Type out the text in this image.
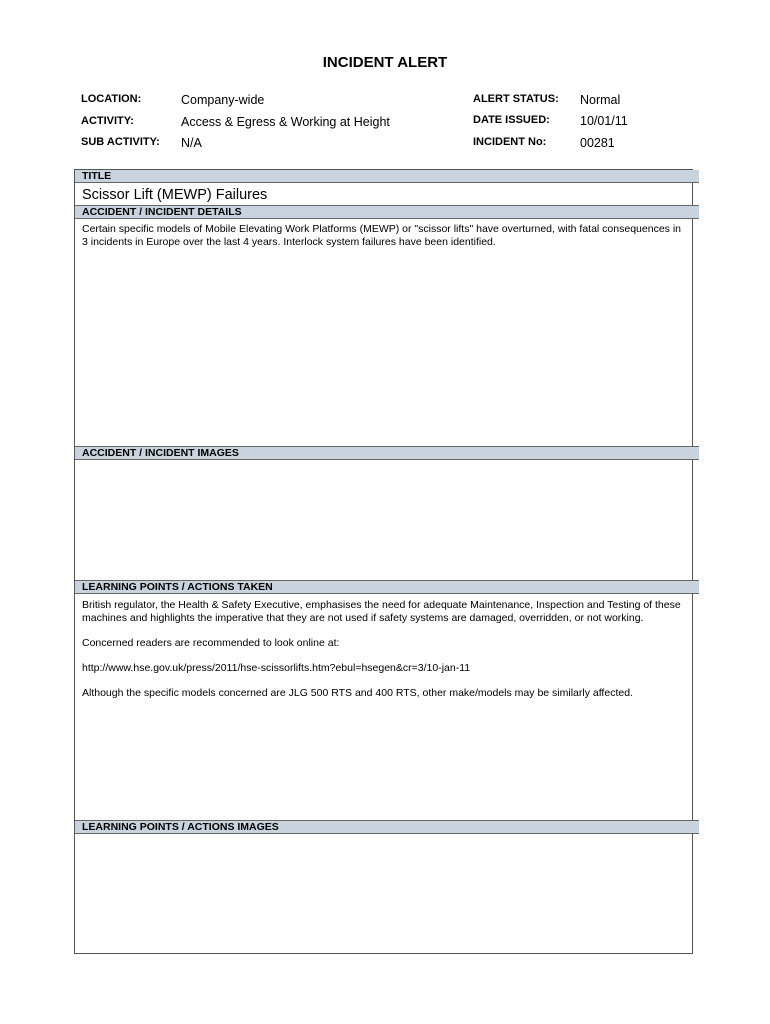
INCIDENT ALERT
LOCATION:	Company-wide
ACTIVITY:	Access & Egress & Working at Height
SUB ACTIVITY: N/A
ALERT STATUS: Normal
DATE ISSUED: 10/01/11
INCIDENT No:	00281
TITLE
Scissor Lift (MEWP) Failures
ACCIDENT / INCIDENT DETAILS
Certain specific models of Mobile Elevating Work Platforms (MEWP) or "scissor lifts" have overturned, with fatal consequences in 3 incidents in Europe over the last 4 years. Interlock system failures have been identified.
ACCIDENT / INCIDENT IMAGES
LEARNING POINTS / ACTIONS TAKEN

British regulator, the Health & Safety Executive, emphasises the need for adequate Maintenance, Inspection and Testing of these machines and highlights the imperative that they are not used if safety systems are damaged, overridden, or not working.

Concerned readers are recommended to look online at:

http://www.hse.gov.uk/press/2011/hse-scissorlifts.htm?ebul=hsegen&cr=3/10-jan-11

Although the specific models concerned are JLG 500 RTS and 400 RTS, other make/models may be similarly affected.

LEARNING POINTS / ACTIONS IMAGES
